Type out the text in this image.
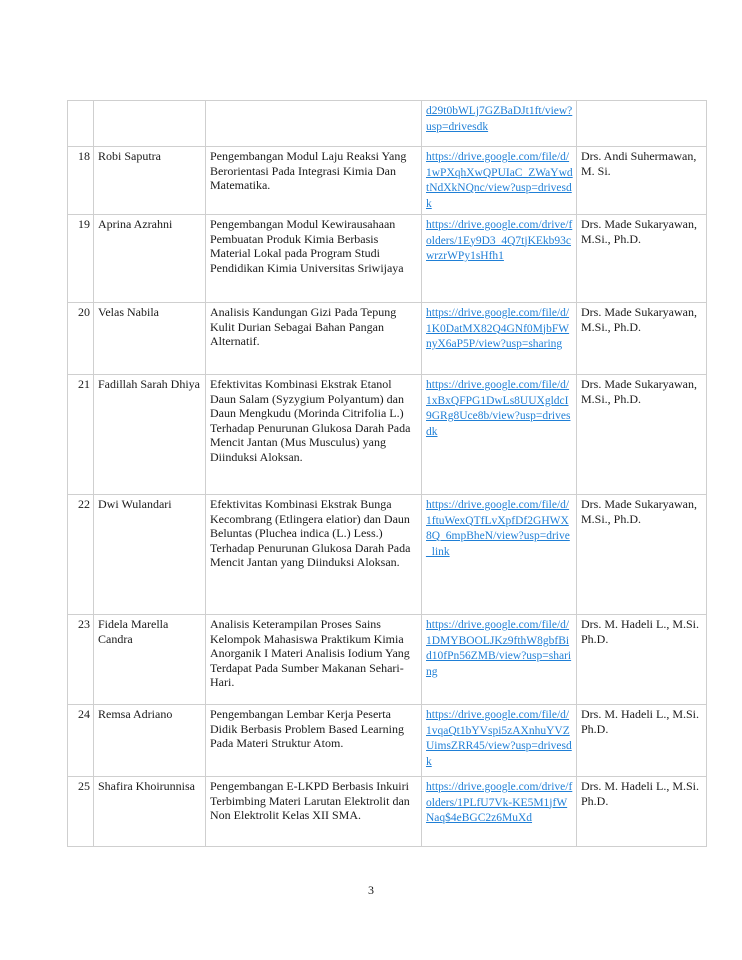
			d29t0bWLj7GZBaDJt1ft/view?usp=drivesdk	
18	Robi Saputra	Pengembangan Modul Laju Reaksi Yang Berorientasi Pada Integrasi Kimia Dan Matematika.	https://drive.google.com/file/d/1wPXqhXwQPUIaC_ZWaYwdtNdXkNQnc/view?usp=drivesdk	Drs. Andi Suhermawan, M. Si.
19	Aprina Azrahni	Pengembangan Modul Kewirausahaan Pembuatan Produk Kimia Berbasis Material Lokal pada Program Studi Pendidikan Kimia Universitas Sriwijaya	https://drive.google.com/drive/folders/1Ey9D3_4Q7tjKEkb93cwrzrWPy1sHfh1	Drs. Made Sukaryawan, M.Si., Ph.D.
20	Velas Nabila	Analisis Kandungan Gizi Pada Tepung Kulit Durian Sebagai Bahan Pangan Alternatif.	https://drive.google.com/file/d/1K0DatMX82Q4GNf0MjbFWnyX6aP5P/view?usp=sharing	Drs. Made Sukaryawan, M.Si., Ph.D.
21	Fadillah Sarah Dhiya	Efektivitas Kombinasi Ekstrak Etanol Daun Salam (Syzygium Polyantum) dan Daun Mengkudu (Morinda Citrifolia L.) Terhadap Penurunan Glukosa Darah Pada Mencit Jantan (Mus Musculus) yang Diinduksi Aloksan.	https://drive.google.com/file/d/1xBxQFPG1DwLs8UUXgldcI9GRg8Uce8b/view?usp=drivesdk	Drs. Made Sukaryawan, M.Si., Ph.D.
22	Dwi Wulandari	Efektivitas Kombinasi Ekstrak Bunga Kecombrang (Etlingera elatior) dan Daun Beluntas (Pluchea indica (L.) Less.) Terhadap Penurunan Glukosa Darah Pada Mencit Jantan yang Diinduksi Aloksan.	https://drive.google.com/file/d/1ftuWexQTfLvXpfDf2GHWX8Q_6mpBheN/view?usp=drive_link	Drs. Made Sukaryawan, M.Si., Ph.D.
23	Fidela Marella Candra	Analisis Keterampilan Proses Sains Kelompok Mahasiswa Praktikum Kimia Anorganik I Materi Analisis Iodium Yang Terdapat Pada Sumber Makanan Sehari-Hari.	https://drive.google.com/file/d/1DMYBOOLJKz9fthW8gbfBid10fPn56ZMB/view?usp=sharing	Drs. M. Hadeli L., M.Si. Ph.D.
24	Remsa Adriano	Pengembangan Lembar Kerja Peserta Didik Berbasis Problem Based Learning Pada Materi Struktur Atom.	https://drive.google.com/file/d/1vqaQt1bYVspi5zAXnhuYVZUimsZRR45/view?usp=drivesdk	Drs. M. Hadeli L., M.Si. Ph.D.
25	Shafira Khoirunnisa	Pengembangan E-LKPD Berbasis Inkuiri Terbimbing Materi Larutan Elektrolit dan Non Elektrolit Kelas XII SMA.	https://drive.google.com/drive/folders/1PLfU7Vk-KE5M1jfWNaq$4eBGC2z6MuXd	Drs. M. Hadeli L., M.Si. Ph.D.
3
